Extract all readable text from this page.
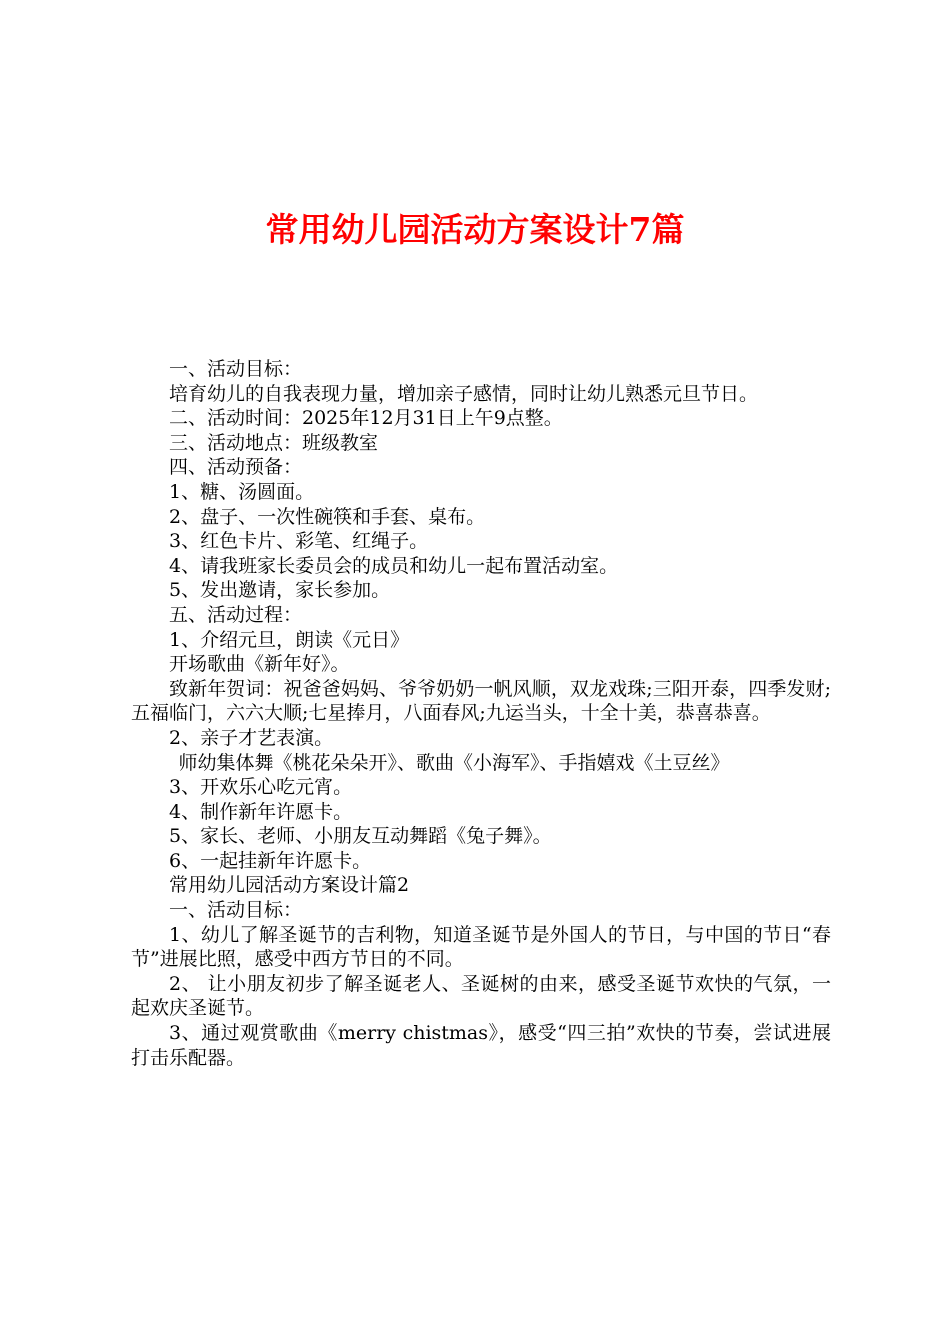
常用幼儿园活动方案设计7篇

一、活动目标：

培育幼儿的自我表现力量，增加亲子感情，同时让幼儿熟悉元旦节日。

二、活动时间：2025年12月31日上午9点整。

三、活动地点：班级教室

四、活动预备：

1、糖、汤圆面。

2、盘子、一次性碗筷和手套、桌布。

3、红色卡片、彩笔、红绳子。

4、请我班家长委员会的成员和幼儿一起布置活动室。

5、发出邀请，家长参加。

五、活动过程：

1、介绍元旦，朗读《元日》

开场歌曲《新年好》。

致新年贺词：祝爸爸妈妈、爷爷奶奶一帆风顺，双龙戏珠;三阳开泰，四季发财;五福临门，六六大顺;七星捧月，八面春风;九运当头，十全十美，恭喜恭喜。

2、亲子才艺表演。

师幼集体舞《桃花朵朵开》、歌曲《小海军》、手指嬉戏《土豆丝》

3、开欢乐心吃元宵。

4、制作新年许愿卡。

5、家长、老师、小朋友互动舞蹈《兔子舞》。

6、一起挂新年许愿卡。

常用幼儿园活动方案设计篇2

一、活动目标：

1、幼儿了解圣诞节的吉利物，知道圣诞节是外国人的节日，与中国的节日“春节”进展比照，感受中西方节日的不同。

2、 让小朋友初步了解圣诞老人、圣诞树的由来，感受圣诞节欢快的气氛，一起欢庆圣诞节。

3、通过观赏歌曲《merry chistmas》，感受“四三拍”欢快的节奏，尝试进展打击乐配器。
